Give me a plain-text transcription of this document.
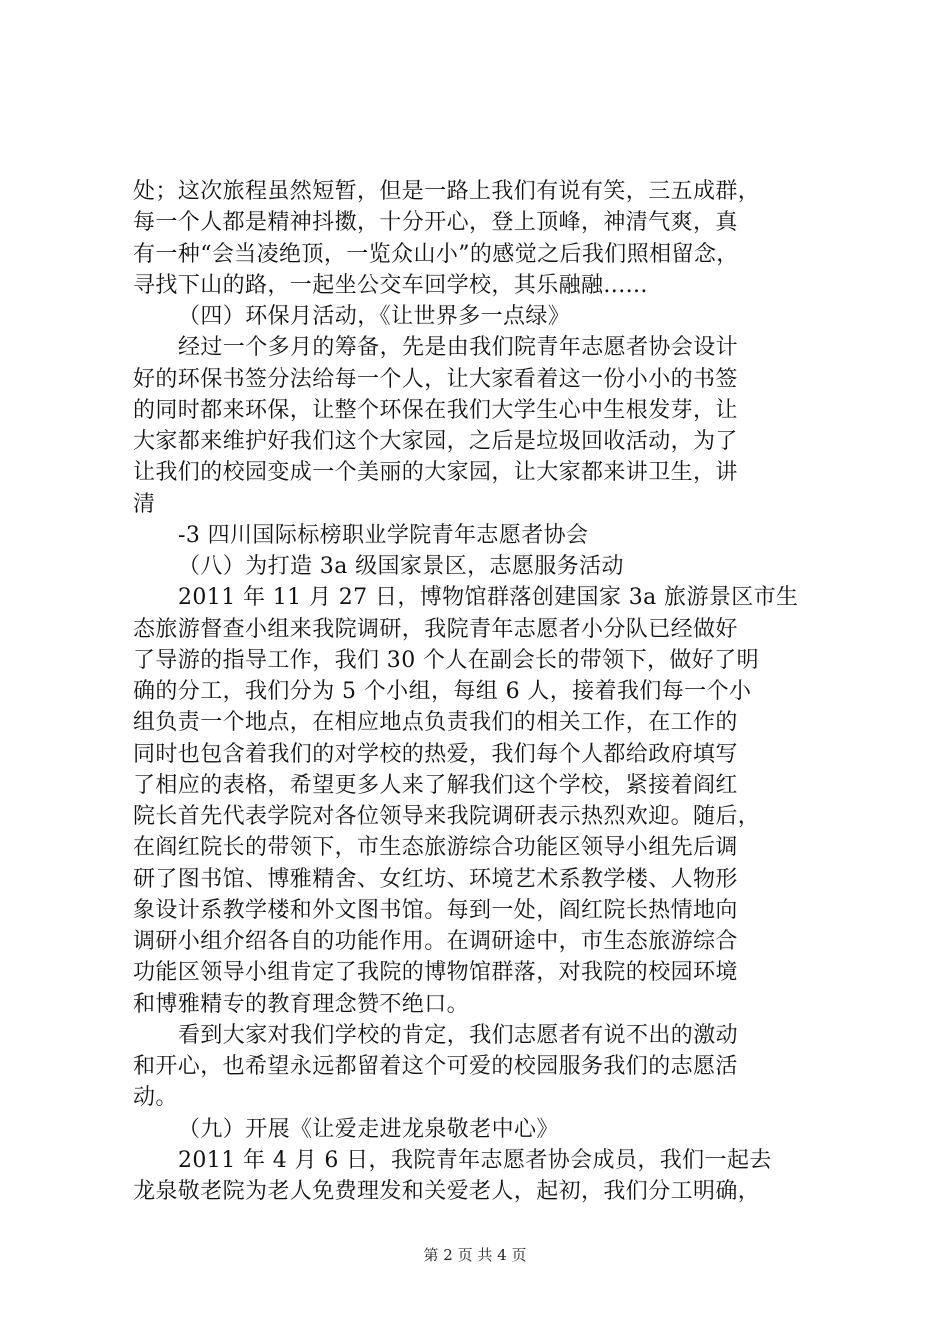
处；这次旅程虽然短暂，但是一路上我们有说有笑，三五成群，
每一个人都是精神抖擞，十分开心，登上顶峰，神清气爽，真
有一种“会当凌绝顶，一览众山小”的感觉之后我们照相留念，
寻找下山的路，一起坐公交车回学校，其乐融融......
（四）环保月活动，《让世界多一点绿》
经过一个多月的筹备，先是由我们院青年志愿者协会设计
好的环保书签分法给每一个人，让大家看着这一份小小的书签
的同时都来环保，让整个环保在我们大学生心中生根发芽，让
大家都来维护好我们这个大家园，之后是垃圾回收活动，为了
让我们的校园变成一个美丽的大家园，让大家都来讲卫生，讲
清
-3 四川国际标榜职业学院青年志愿者协会
（八）为打造 3a 级国家景区，志愿服务活动
2011 年 11 月 27 日，博物馆群落创建国家 3a 旅游景区市生
态旅游督查小组来我院调研，我院青年志愿者小分队已经做好
了导游的指导工作，我们 30 个人在副会长的带领下，做好了明
确的分工，我们分为 5 个小组，每组 6 人，接着我们每一个小
组负责一个地点，在相应地点负责我们的相关工作，在工作的
同时也包含着我们的对学校的热爱，我们每个人都给政府填写
了相应的表格，希望更多人来了解我们这个学校，紧接着阎红
院长首先代表学院对各位领导来我院调研表示热烈欢迎。随后，
在阎红院长的带领下，市生态旅游综合功能区领导小组先后调
研了图书馆、博雅精舍、女红坊、环境艺术系教学楼、人物形
象设计系教学楼和外文图书馆。每到一处，阎红院长热情地向
调研小组介绍各自的功能作用。在调研途中，市生态旅游综合
功能区领导小组肯定了我院的博物馆群落，对我院的校园环境
和博雅精专的教育理念赞不绝口。
看到大家对我们学校的肯定，我们志愿者有说不出的激动
和开心，也希望永远都留着这个可爱的校园服务我们的志愿活
动。
（九）开展《让爱走进龙泉敬老中心》
2011 年 4 月 6 日，我院青年志愿者协会成员，我们一起去
龙泉敬老院为老人免费理发和关爱老人，起初，我们分工明确，
第 2 页 共 4 页
